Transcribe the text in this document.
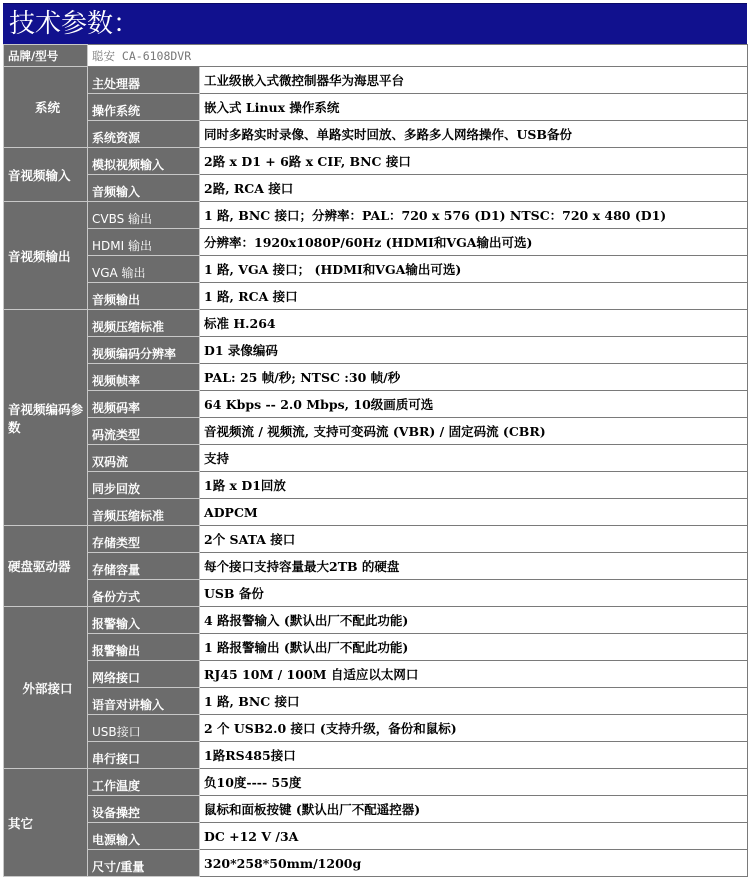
技术参数：
品牌/型号	聪安 CA-6108DVR	
系统	主处理器	工业级嵌入式微控制器华为海思平台
	操作系统	嵌入式 Linux 操作系统
	系统资源	同时多路实时录像、单路实时回放、多路多人网络操作、USB备份
音视频输入	模拟视频输入	2路 x D1 + 6路 x CIF, BNC 接口
	音频输入	2路, RCA 接口
音视频输出	CVBS 输出	1 路, BNC 接口；分辨率：PAL：720 x 576 (D1) NTSC：720 x 480 (D1)
	HDMI 输出	分辨率：1920x1080P/60Hz (HDMI和VGA输出可选)
	VGA 输出	1 路, VGA 接口； (HDMI和VGA输出可选)
	音频输出	1 路, RCA 接口
音视频编码参数	视频压缩标准	标准 H.264
	视频编码分辨率	D1 录像编码
	视频帧率	PAL: 25 帧/秒; NTSC :30 帧/秒
	视频码率	64 Kbps -- 2.0 Mbps, 10级画质可选
	码流类型	音视频流 / 视频流, 支持可变码流 (VBR) / 固定码流 (CBR)
	双码流	支持
	同步回放	1路 x D1回放
	音频压缩标准	ADPCM
硬盘驱动器	存储类型	2个 SATA 接口
	存储容量	每个接口支持容量最大2TB 的硬盘
	备份方式	USB 备份
外部接口	报警输入	4 路报警输入 (默认出厂不配此功能)
	报警输出	1 路报警输出 (默认出厂不配此功能)
	网络接口	RJ45 10M / 100M 自适应以太网口
	语音对讲输入	1 路, BNC 接口
	USB接口	2 个 USB2.0 接口 (支持升级，备份和鼠标)
	串行接口	1路RS485接口
其它	工作温度	负10度---- 55度
	设备操控	鼠标和面板按键 (默认出厂不配遥控器)
	电源输入	DC +12 V /3A
	尺寸/重量	320*258*50mm/1200g
